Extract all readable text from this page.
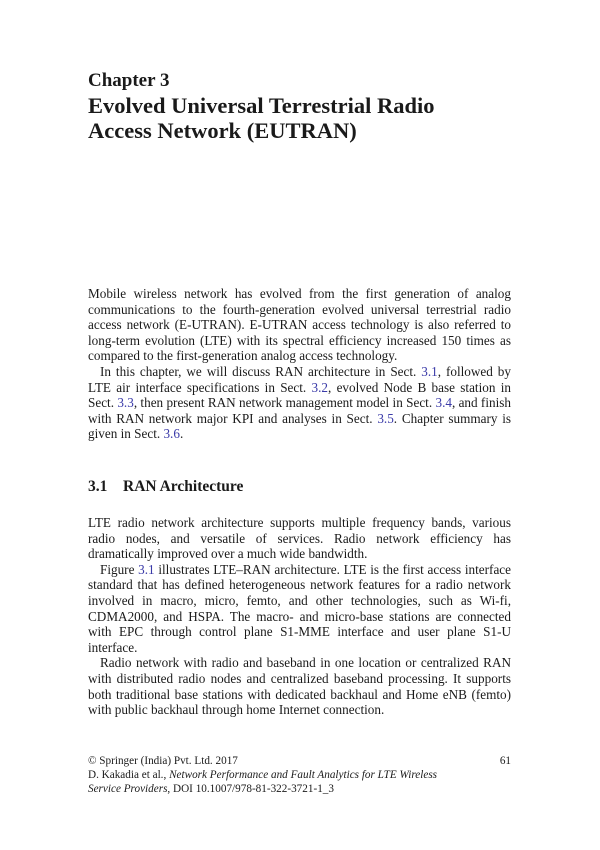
Chapter 3
Evolved Universal Terrestrial Radio
Access Network (EUTRAN)

Mobile wireless network has evolved from the first generation of analog communications to the fourth-generation evolved universal terrestrial radio access network (E-UTRAN). E-UTRAN access technology is also referred to long-term evolution (LTE) with its spectral efficiency increased 150 times as compared to the first-generation analog access technology.

In this chapter, we will discuss RAN architecture in Sect. 3.1, followed by LTE air interface specifications in Sect. 3.2, evolved Node B base station in Sect. 3.3, then present RAN network management model in Sect. 3.4, and finish with RAN network major KPI and analyses in Sect. 3.5. Chapter summary is given in Sect. 3.6.

3.1 RAN Architecture

LTE radio network architecture supports multiple frequency bands, various radio nodes, and versatile of services. Radio network efficiency has dramatically improved over a much wide bandwidth.

Figure 3.1 illustrates LTE–RAN architecture. LTE is the first access interface standard that has defined heterogeneous network features for a radio network involved in macro, micro, femto, and other technologies, such as Wi-fi, CDMA2000, and HSPA. The macro- and micro-base stations are connected with EPC through control plane S1-MME interface and user plane S1-U interface.

Radio network with radio and baseband in one location or centralized RAN with distributed radio nodes and centralized baseband processing. It supports both traditional base stations with dedicated backhaul and Home eNB (femto) with public backhaul through home Internet connection.

© Springer (India) Pvt. Ltd. 2017	61
D. Kakadia et al., Network Performance and Fault Analytics for LTE Wireless
Service Providers, DOI 10.1007/978-81-322-3721-1_3
